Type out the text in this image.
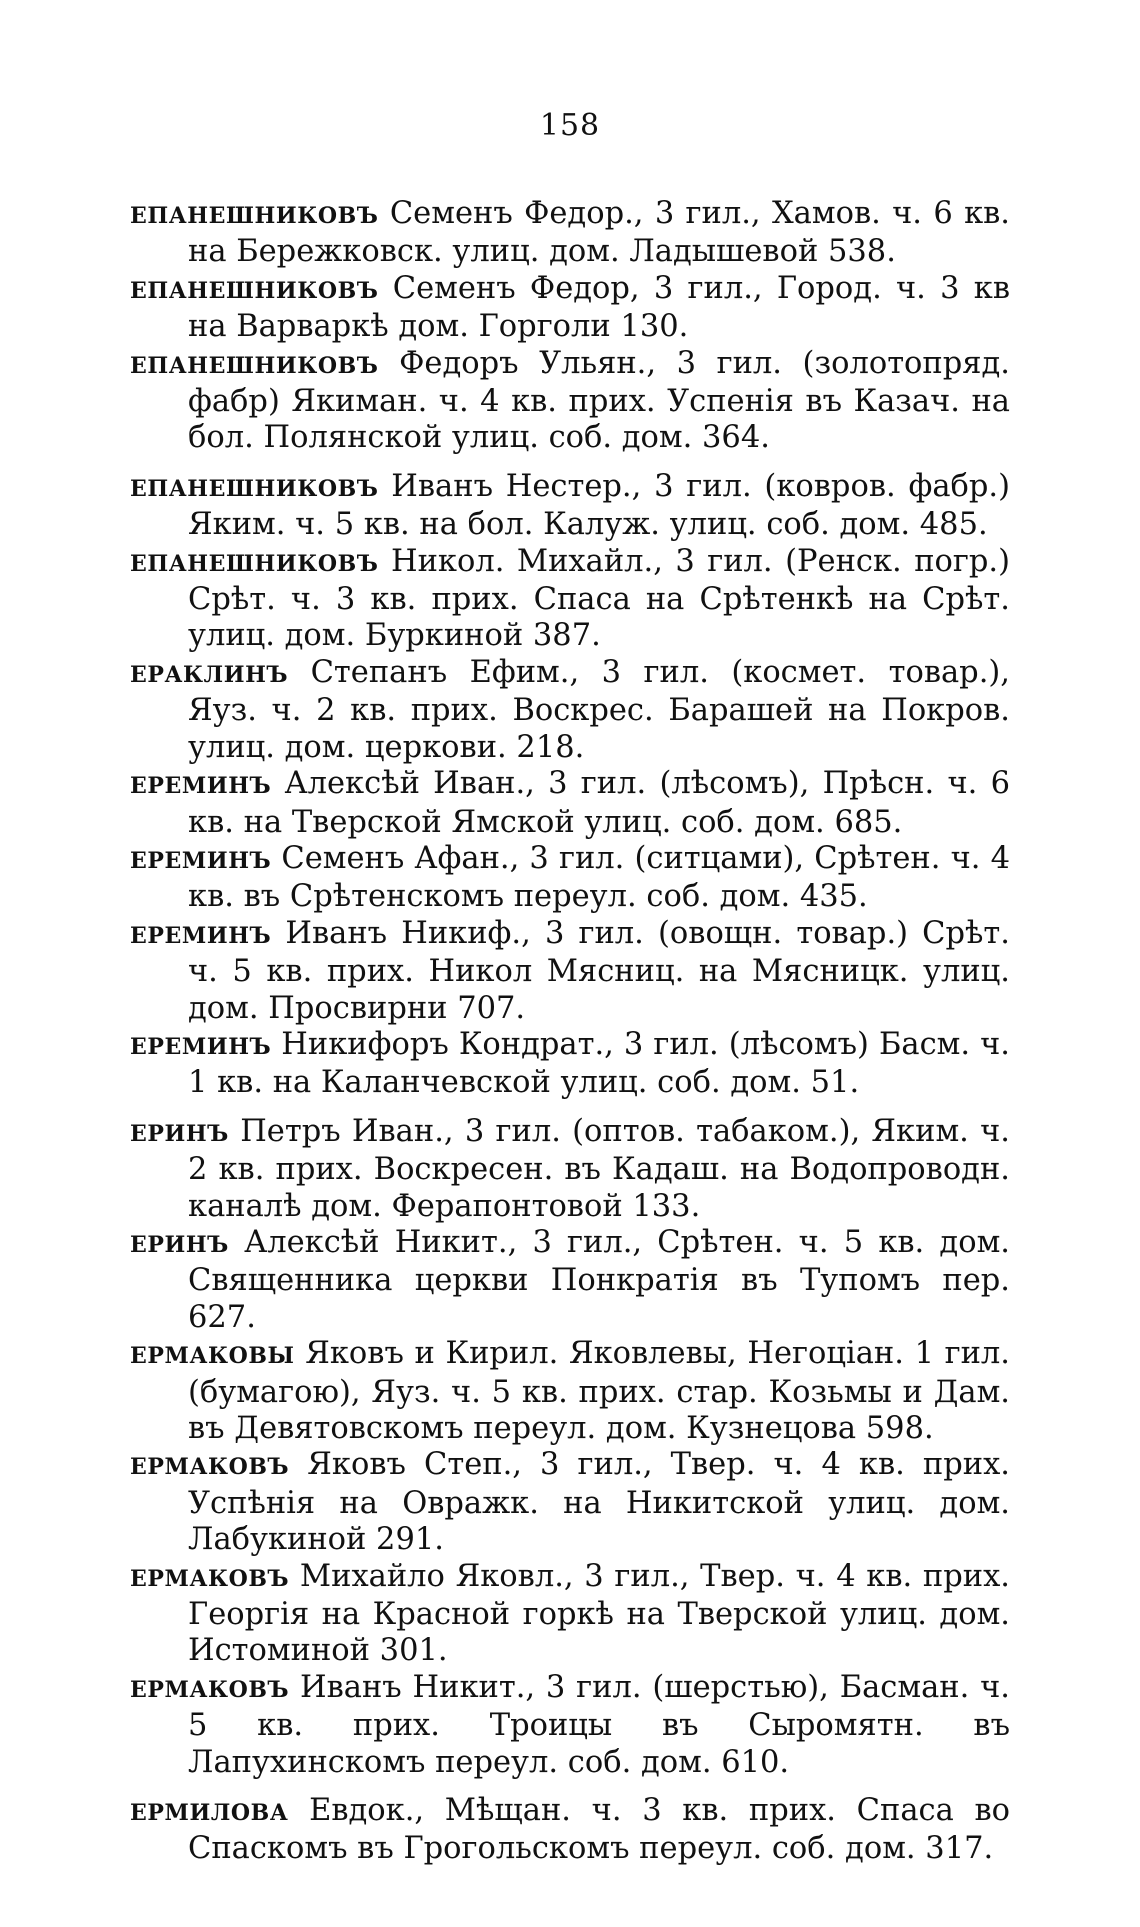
158

ЕПАНЕШНИКОВЪ Семенъ Федор., 3 гил., Хамов. ч. 6 кв. на Бережковск. улиц. дом. Ладышевой 538.

ЕПАНЕШНИКОВЪ Семенъ Федор, 3 гил., Город. ч. 3 кв на Варваркѣ дом. Горголи 130.

ЕПАНЕШНИКОВЪ Федоръ Ульян., 3 гил. (золотопряд. фабр) Якиман. ч. 4 кв. прих. Успенія въ Казач. на бол. Полянской улиц. соб. дом. 364.

ЕПАНЕШНИКОВЪ Иванъ Нестер., 3 гил. (ковров. фабр.) Яким. ч. 5 кв. на бол. Калуж. улиц. соб. дом. 485.

ЕПАНЕШНИКОВЪ Никол. Михайл., 3 гил. (Ренск. погр.) Срѣт. ч. 3 кв. прих. Спаса на Срѣтенкѣ на Срѣт. улиц. дом. Буркиной 387.

ЕРАКЛИНЪ Степанъ Ефим., 3 гил. (космет. товар.), Яуз. ч. 2 кв. прих. Воскрес. Барашей на Покров. улиц. дом. церкови. 218.

ЕРЕМИНЪ Алексѣй Иван., 3 гил. (лѣсомъ), Прѣсн. ч. 6 кв. на Тверской Ямской улиц. соб. дом. 685.

ЕРЕМИНЪ Семенъ Афан., 3 гил. (ситцами), Срѣтен. ч. 4 кв. въ Срѣтенскомъ переул. соб. дом. 435.

ЕРЕМИНЪ Иванъ Никиф., 3 гил. (овощн. товар.) Срѣт. ч. 5 кв. прих. Никол Мясниц. на Мясницк. улиц. дом. Просвирни 707.

ЕРЕМИНЪ Никифоръ Кондрат., 3 гил. (лѣсомъ) Басм. ч. 1 кв. на Каланчевской улиц. соб. дом. 51.

ЕРИНЪ Петръ Иван., 3 гил. (оптов. табаком.), Яким. ч. 2 кв. прих. Воскресен. въ Кадаш. на Водопроводн. каналѣ дом. Ферапонтовой 133.

ЕРИНЪ Алексѣй Никит., 3 гил., Срѣтен. ч. 5 кв. дом. Священника церкви Понкратія въ Тупомъ пер. 627.

ЕРМАКОВЫ Яковъ и Кирил. Яковлевы, Негоціан. 1 гил. (бумагою), Яуз. ч. 5 кв. прих. стар. Козьмы и Дам. въ Девятовскомъ переул. дом. Кузнецова 598.

ЕРМАКОВЪ Яковъ Степ., 3 гил., Твер. ч. 4 кв. прих. Успѣнія на Овражк. на Никитской улиц. дом. Лабукиной 291.

ЕРМАКОВЪ Михайло Яковл., 3 гил., Твер. ч. 4 кв. прих. Георгія на Красной горкѣ на Тверской улиц. дом. Истоминой 301.

ЕРМАКОВЪ Иванъ Никит., 3 гил. (шерстью), Басман. ч. 5 кв. прих. Троицы въ Сыромятн. въ Лапухинскомъ переул. соб. дом. 610.

ЕРМИЛОВА Евдок., Мѣщан. ч. 3 кв. прих. Спаса во Спаскомъ въ Грогольскомъ переул. соб. дом. 317.
